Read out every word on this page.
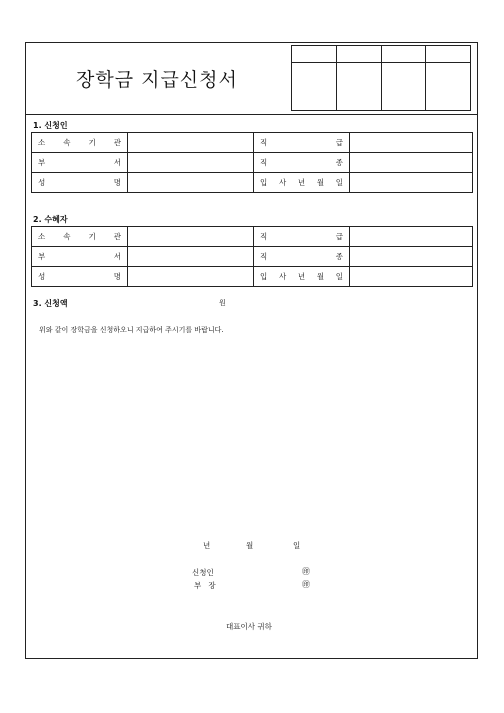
장학금 지급신청서

1. 신청인
소 속 기 관		직 급	

부 서		직 종	

성 명		입 사 년 월 일	

2. 수혜자
소 속 기 관		직 급	

부 서		직 종	

성 명		입 사 년 월 일	

3. 신청액	원
위와 같이 장학금을 신청하오니 지급하여 주시기를 바랍니다.
년	월	일
신청인	㊞
부   장	㊞
대표이사 귀하
